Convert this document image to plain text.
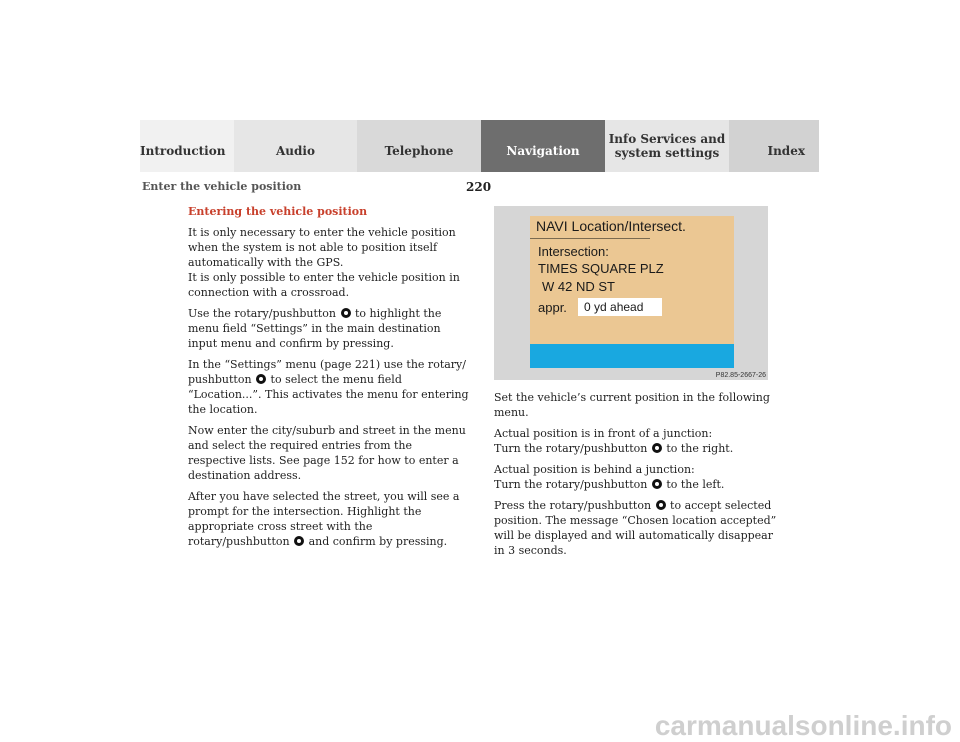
Introduction	Audio	Telephone	Navigation
Info Services and
system settings	Index
Enter the vehicle position	220
Entering the vehicle position

It is only necessary to enter the vehicle position when the system is not able to position itself automatically with the GPS.
It is only possible to enter the vehicle position in connection with a crossroad.

Use the rotary/pushbutton to highlight the menu field “Settings” in the main destination input menu and confirm by pressing.

In the “Settings” menu (page 221) use the rotary/ pushbutton to select the menu field “Location...”. This activates the menu for entering the location.

Now enter the city/suburb and street in the menu and select the required entries from the respective lists. See page 152 for how to enter a destination address.

After you have selected the street, you will see a prompt for the intersection. Highlight the appropriate cross street with the rotary/pushbutton and confirm by pressing.

NAVI Location/Intersect.
Intersection:
TIMES SQUARE PLZ
W 42 ND ST
appr.	0 yd ahead
P82.85-2667-26

Set the vehicle’s current position in the following menu.

Actual position is in front of a junction:
Turn the rotary/pushbutton to the right.

Actual position is behind a junction:
Turn the rotary/pushbutton to the left.

Press the rotary/pushbutton to accept selected position. The message “Chosen location accepted” will be displayed and will automatically disappear in 3 seconds.

carmanualsonline.info
